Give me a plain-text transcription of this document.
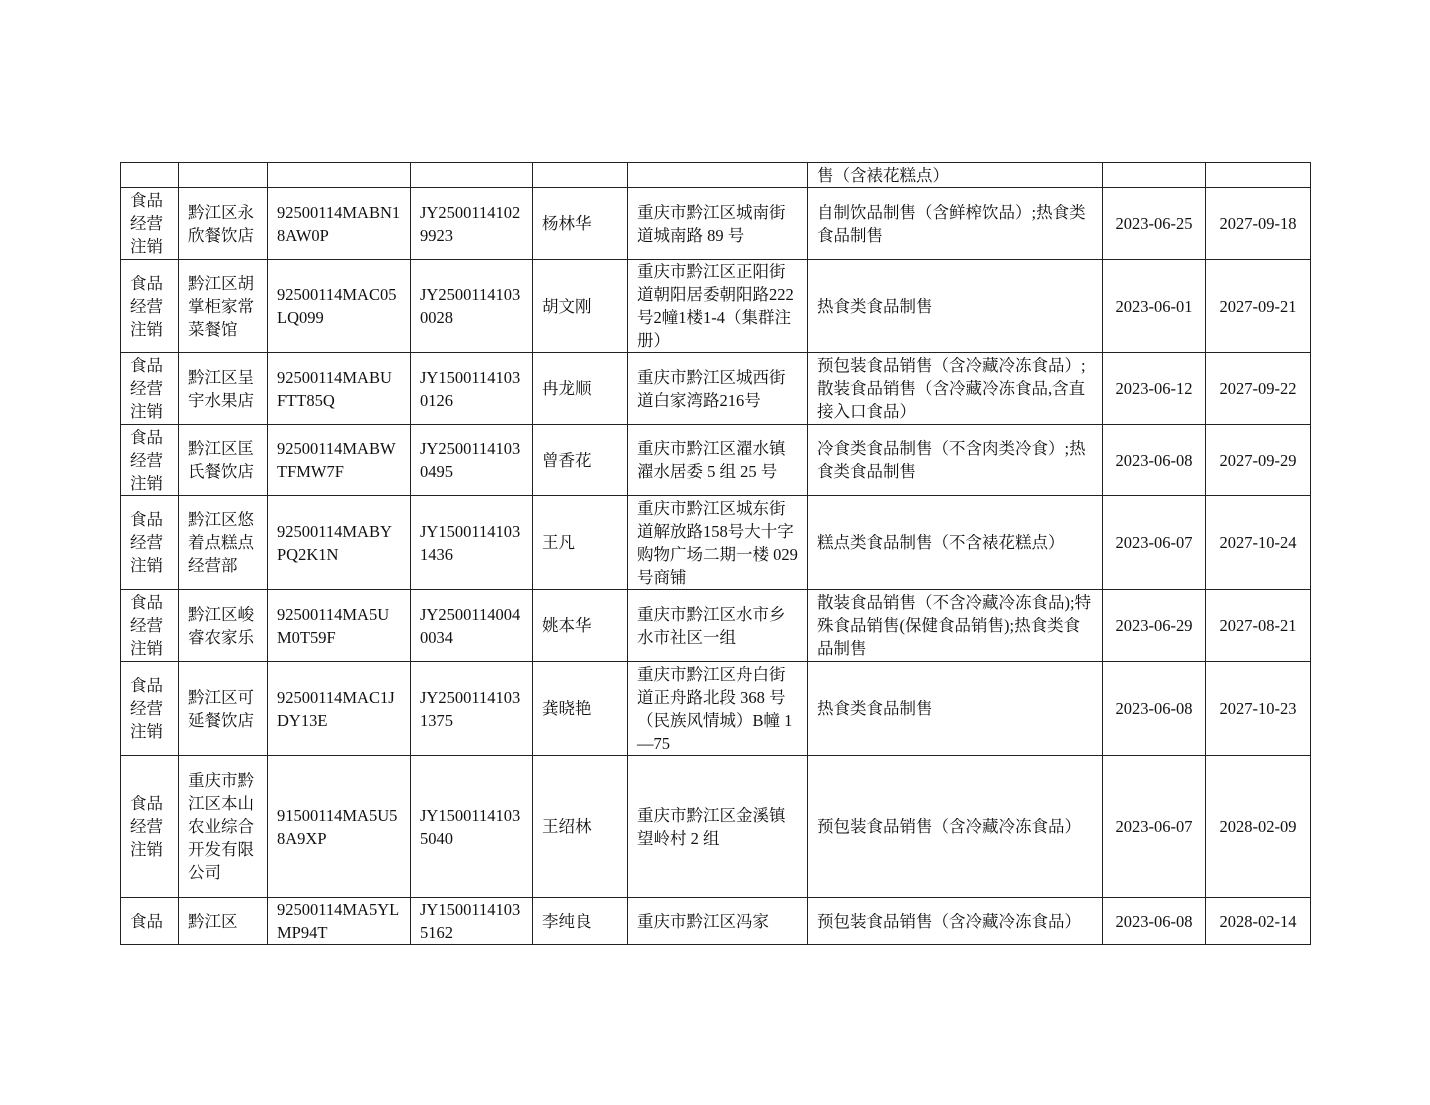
						售（含裱花糕点）		
食品经营注销	黔江区永欣餐饮店	92500114MABN18AW0P	JY25001141029923	杨林华	重庆市黔江区城南街道城南路 89 号	自制饮品制售（含鲜榨饮品）;热食类食品制售	2023-06-25	2027-09-18
食品经营注销	黔江区胡掌柜家常菜餐馆	92500114MAC05LQ099	JY25001141030028	胡文刚	重庆市黔江区正阳街道朝阳居委朝阳路222号2幢1楼1-4（集群注册）	热食类食品制售	2023-06-01	2027-09-21
食品经营注销	黔江区呈宇水果店	92500114MABUFTT85Q	JY15001141030126	冉龙顺	重庆市黔江区城西街道白家湾路216号	预包装食品销售（含冷藏冷冻食品）;散装食品销售（含冷藏冷冻食品,含直接入口食品）	2023-06-12	2027-09-22
食品经营注销	黔江区匡氏餐饮店	92500114MABWTFMW7F	JY25001141030495	曾香花	重庆市黔江区濯水镇濯水居委 5 组 25 号	冷食类食品制售（不含肉类冷食）;热食类食品制售	2023-06-08	2027-09-29
食品经营注销	黔江区悠着点糕点经营部	92500114MABYPQ2K1N	JY15001141031436	王凡	重庆市黔江区城东街道解放路158号大十字购物广场二期一楼 029 号商铺	糕点类食品制售（不含裱花糕点）	2023-06-07	2027-10-24
食品经营注销	黔江区峻睿农家乐	92500114MA5UM0T59F	JY25001140040034	姚本华	重庆市黔江区水市乡水市社区一组	散装食品销售（不含冷藏冷冻食品);特殊食品销售(保健食品销售);热食类食品制售	2023-06-29	2027-08-21
食品经营注销	黔江区可延餐饮店	92500114MAC1JDY13E	JY25001141031375	龚晓艳	重庆市黔江区舟白街道正舟路北段 368 号（民族风情城）B幢 1—75	热食类食品制售	2023-06-08	2027-10-23
食品经营注销	重庆市黔江区本山农业综合开发有限公司	91500114MA5U58A9XP	JY15001141035040	王绍林	重庆市黔江区金溪镇望岭村 2 组	预包装食品销售（含冷藏冷冻食品）	2023-06-07	2028-02-09
食品	黔江区	92500114MA5YLMP94T	JY15001141035162	李纯良	重庆市黔江区冯家	预包装食品销售（含冷藏冷冻食品）	2023-06-08	2028-02-14
